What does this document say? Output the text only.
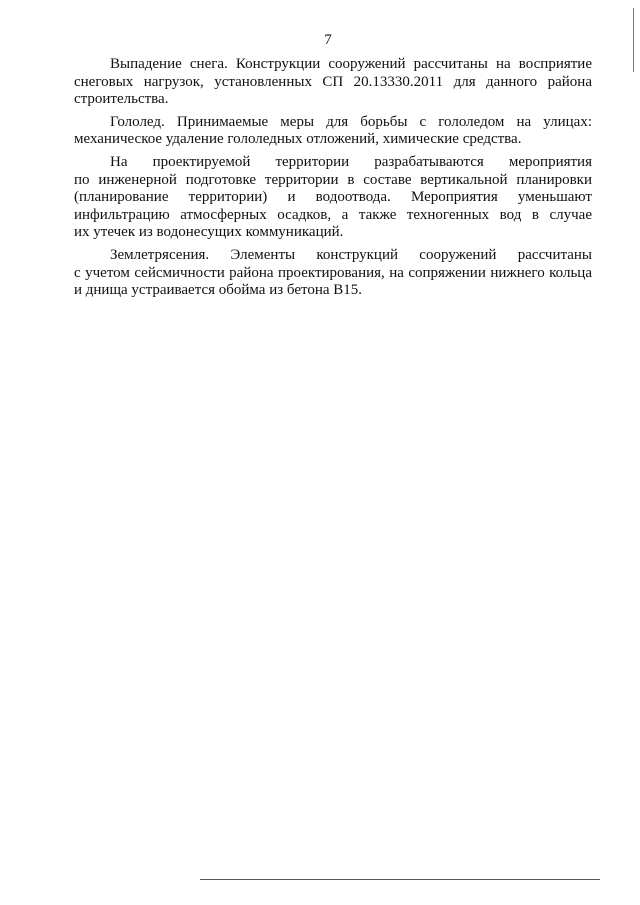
7
Выпадение снега. Конструкции сооружений рассчитаны на восприятие
снеговых нагрузок, установленных СП 20.13330.2011 для данного района
строительства.
Гололед. Принимаемые меры для борьбы с гололедом на улицах:
механическое удаление гололедных отложений, химические средства.
На проектируемой территории разрабатываются мероприятия
по инженерной подготовке территории в составе вертикальной планировки
(планирование территории) и водоотвода. Мероприятия уменьшают
инфильтрацию атмосферных осадков, а также техногенных вод в случае
их утечек из водонесущих коммуникаций.
Землетрясения. Элементы конструкций сооружений рассчитаны
с учетом сейсмичности района проектирования, на сопряжении нижнего кольца
и днища устраивается обойма из бетона В15.
